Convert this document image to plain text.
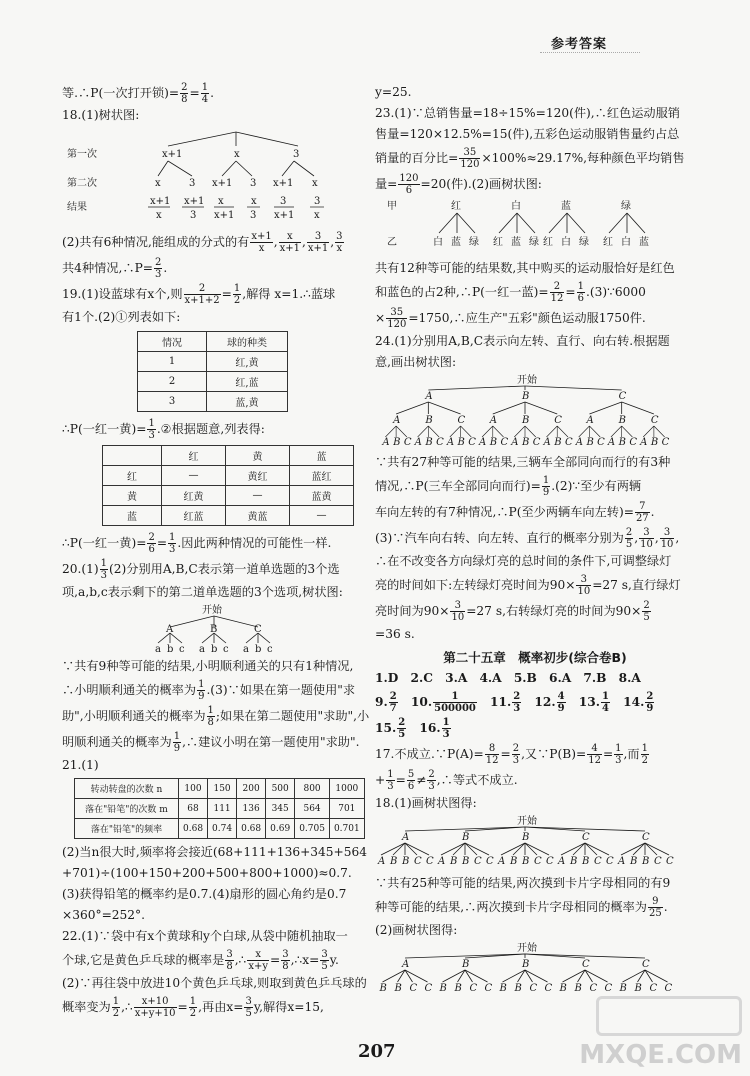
参考答案

等.∴P(一次打开锁)= $\frac{2}{8} = \frac{1}{4}$ .

18.(1)树状图:

第一次
第二次
结果
x+1	x	3
x	3 x+1 3 x+1 x
x+1
x
x+1
3
x
x+1
x
3
3
x+1
3
x

(2)共有6种情况,能组成的分式的有 $\frac{x+1}{x}$ , $\frac{x}{x+1}$ , $\frac{3}{x+1}$ , $\frac{3}{x}$

共4种情况,∴P= $\frac{2}{3}$ .

19.(1)设蓝球有x个,则 $\frac{2}{x+1+2} = \frac{1}{2}$ ,解得 x=1.∴蓝球

有1个.(2)①列表如下:

情况	球的种类
1	红,黄
2	红,蓝
3	蓝,黄

∴P(一红一黄)= $\frac{1}{3}$ .②根据题意,列表得:

	红	黄	蓝
红	—	黄红	蓝红
黄	红黄	—	蓝黄
蓝	红蓝	黄蓝	—

∴P(一红一黄)= $\frac{2}{6} = \frac{1}{3}$ .因此两种情况的可能性一样.

$20.(1) \frac{1}{3} (2)$分别用A,B,C表示第一道单选题的3个选

项,a,b,c表示剩下的第二道单选题的3个选项,树状图:

开始
A	B	C
a b c a b c a b c

∵共有9种等可能的结果,小明顺利通关的只有1种情况,

∴小明顺利通关的概率为 $\frac{1}{9}$ .(3)∵如果在第一题使用"求

助",小明顺利通关的概率为 $\frac{1}{8}$ ;如果在第二题使用"求助",小

明顺利通关的概率为 $\frac{1}{9}$ ,∴建议小明在第一题使用"求助".

21.(1)

转动转盘的次数 n	100	150	200	500	800	1000
落在"铅笔"的次数 m	68	111	136	345	564	701
落在"铅笔"的频率	0.68	0.74	0.68	0.69	0.705	0.701

(2)当n很大时,频率将会接近(68+111+136+345+564

+701)÷(100+150+200+500+800+1000)≈0.7.

(3)获得铅笔的概率约是0.7.(4)扇形的圆心角约是0.7

×360°=252°.

22.(1)∵袋中有x个黄球和y个白球,从袋中随机抽取一

个球,它是黄色乒乓球的概率是 $\frac{3}{8}$ ,∴ $\frac{x}{x+y} = \frac{3}{8}$ ,∴x= $\frac{3}{5} y$.

(2)∵再往袋中放进10个黄色乒乓球,则取到黄色乒乓球的

概率变为 $\frac{1}{2}$ ,∴ $\frac{x+10}{x+y+10} = \frac{1}{2}$ ,再由$x= \frac{3}{5} y$,解得x=15,

y=25.

23.(1)∵总销售量=18÷15%=120(件),∴红色运动服销

售量=120×12.5%=15(件),五彩色运动服销售量约占总

销量的百分比= $\frac{35}{120} \times 100\%\approx 29.17\%$,每种颜色平均销售

量= $\frac{120}{6} =20$(件).(2)画树状图:

甲
乙
红	白	蓝	绿
白 蓝 绿 红 蓝 绿 红 白 绿 红 白 蓝

共有12种等可能的结果数,其中购买的运动服恰好是红色

和蓝色的占2种,∴P(一红一蓝)= $\frac{2}{12} = \frac{1}{6}$ .(3)∵6000

× $\frac{35}{120}$ =1750,∴应生产"五彩"颜色运动服1750件.

24.(1)分别用A,B,C表示向左转、直行、向右转.根据题

意,画出树状图:

开始
A
A
A B C
B
A B C
C
A B C
B
A
A B C
B
A B C
C
A B C
C
A
A B C
B
A B C
C
A B C

∵共有27种等可能的结果,三辆车全部同向而行的有3种

情况,∴P(三车全部同向而行)= $\frac{1}{9}$ .(2)∵至少有两辆

车向左转的有7种情况,∴P(至少两辆车向左转)= $\frac{7}{27}$ .

(3)∵汽车向右转、向左转、直行的概率分别为 $\frac{2}{5}$ , $\frac{3}{10}$ , $\frac{3}{10}$ ,

∴在不改变各方向绿灯亮的总时间的条件下,可调整绿灯

亮的时间如下:左转绿灯亮时间为$90\times \frac{3}{10} =27$ s,直行绿灯

亮时间为$90\times \frac{3}{10} =27$ s,右转绿灯亮的时间为$90\times \frac{2}{5}$

=36 s.

第二十五章　概率初步(综合卷B)

1.D　2.C　3.A　4.A　5.B　6.A　7.B　8.A

9. $\frac{2}{7}$
　 10. $\frac{1}{500000}$
　 11. $\frac{2}{3}$
　 12. $\frac{4}{9}$
　 13. $\frac{1}{4}$
　 14. $\frac{2}{9}$

15. $\frac{2}{5}$
　 16. $\frac{1}{3}$

17.不成立.∵P(A)= $\frac{8}{12} = \frac{2}{3}$ ,又∵P(B)= $\frac{4}{12} = \frac{1}{3}$ ,而 $\frac{1}{2}$

+ $\frac{1}{3} = \frac{5}{6} \ne \frac{2}{3}$ ,∴等式不成立.

18.(1)画树状图得:

开始
A
A B B C C
B
A B B C C
B
A B B C C
C
A B B C C
C
A B B C C

∵共有25种等可能的结果,两次摸到卡片字母相同的有9

种等可能的结果,∴两次摸到卡片字母相同的概率为 $\frac{9}{25}$ .

(2)画树状图得:

开始
A
B B C C
B
B B C C
B
B B C C
C
B B C C
C
B B C C
207	MXQE.COM
